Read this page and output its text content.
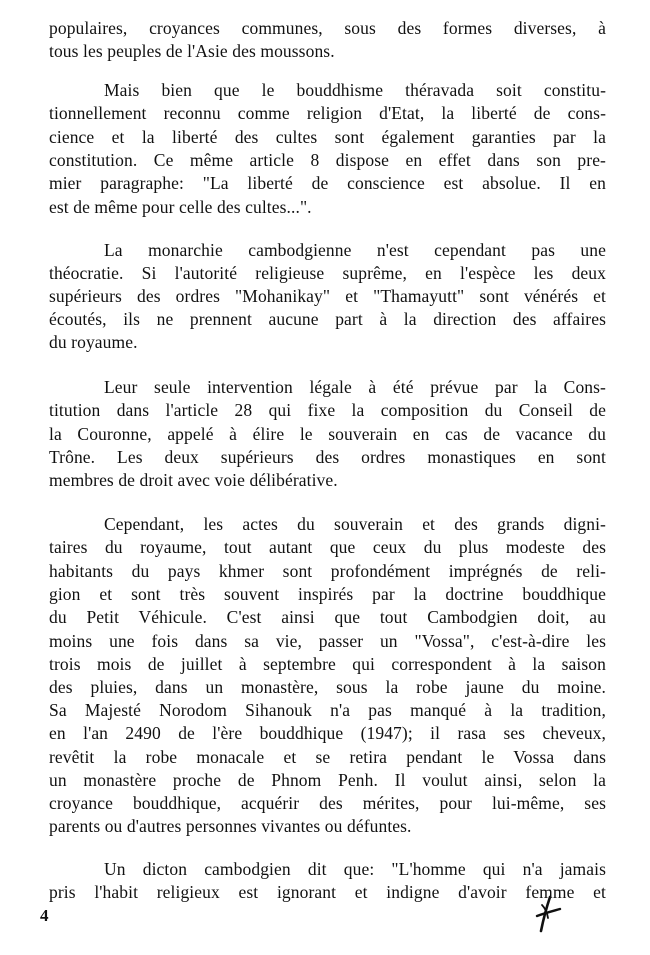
populaires, croyances communes, sous des formes diverses, à
tous les peuples de l'Asie des moussons.
Mais bien que le bouddhisme théravada soit constitu-
tionnellement reconnu comme religion d'Etat, la liberté de cons-
cience et la liberté des cultes sont également garanties par la
constitution. Ce même article 8 dispose en effet dans son pre-
mier paragraphe: "La liberté de conscience est absolue. Il en
est de même pour celle des cultes...".
La monarchie cambodgienne n'est cependant pas une
théocratie. Si l'autorité religieuse suprême, en l'espèce les deux
supérieurs des ordres "Mohanikay" et "Thamayutt" sont vénérés et
écoutés, ils ne prennent aucune part à la direction des affaires
du royaume.
Leur seule intervention légale à été prévue par la Cons-
titution dans l'article 28 qui fixe la composition du Conseil de
la Couronne, appelé à élire le souverain en cas de vacance du
Trône. Les deux supérieurs des ordres monastiques en sont
membres de droit avec voie délibérative.
Cependant, les actes du souverain et des grands digni-
taires du royaume, tout autant que ceux du plus modeste des
habitants du pays khmer sont profondément imprégnés de reli-
gion et sont très souvent inspirés par la doctrine bouddhique
du Petit Véhicule. C'est ainsi que tout Cambodgien doit, au
moins une fois dans sa vie, passer un "Vossa", c'est-à-dire les
trois mois de juillet à septembre qui correspondent à la saison
des pluies, dans un monastère, sous la robe jaune du moine.
Sa Majesté Norodom Sihanouk n'a pas manqué à la tradition,
en l'an 2490 de l'ère bouddhique (1947); il rasa ses cheveux,
revêtit la robe monacale et se retira pendant le Vossa dans
un monastère proche de Phnom Penh. Il voulut ainsi, selon la
croyance bouddhique, acquérir des mérites, pour lui-même, ses
parents ou d'autres personnes vivantes ou défuntes.
Un dicton cambodgien dit que: "L'homme qui n'a jamais
pris l'habit religieux est ignorant et indigne d'avoir femme et
4
